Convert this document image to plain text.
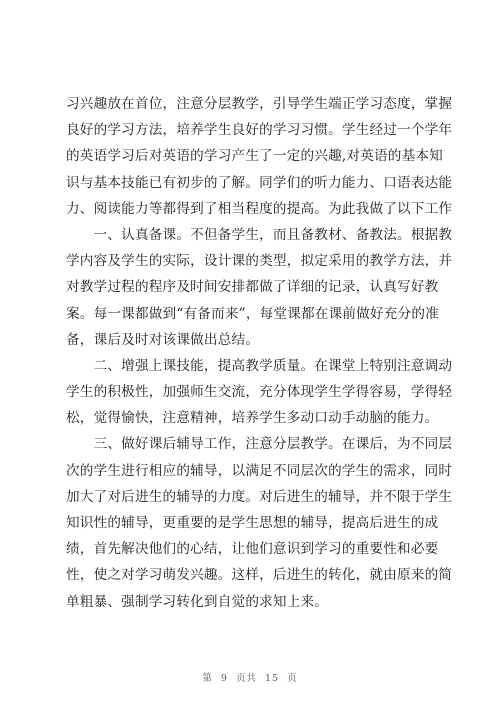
习兴趣放在首位，注意分层教学，引导学生端正学习态度，掌握
良好的学习方法，培养学生良好的学习习惯。学生经过一个学年
的英语学习后对英语的学习产生了一定的兴趣,对英语的基本知
识与基本技能已有初步的了解。同学们的听力能力、口语表达能
力、阅读能力等都得到了相当程度的提高。为此我做了以下工作
　　一、认真备课。不但备学生，而且备教材、备教法。根据教
学内容及学生的实际，设计课的类型，拟定采用的教学方法，并
对教学过程的程序及时间安排都做了详细的记录，认真写好教
案。每一课都做到“有备而来”，每堂课都在课前做好充分的准
备，课后及时对该课做出总结。
　　二、增强上课技能，提高教学质量。在课堂上特别注意调动
学生的积极性，加强师生交流，充分体现学生学得容易，学得轻
松，觉得愉快，注意精神，培养学生多动口动手动脑的能力。
　　三、做好课后辅导工作，注意分层教学。在课后，为不同层
次的学生进行相应的辅导，以满足不同层次的学生的需求，同时
加大了对后进生的辅导的力度。对后进生的辅导，并不限于学生
知识性的辅导，更重要的是学生思想的辅导，提高后进生的成
绩，首先解决他们的心结，让他们意识到学习的重要性和必要
性，使之对学习萌发兴趣。这样，后进生的转化，就由原来的简
单粗暴、强制学习转化到自觉的求知上来。
第 9 页共 15 页
